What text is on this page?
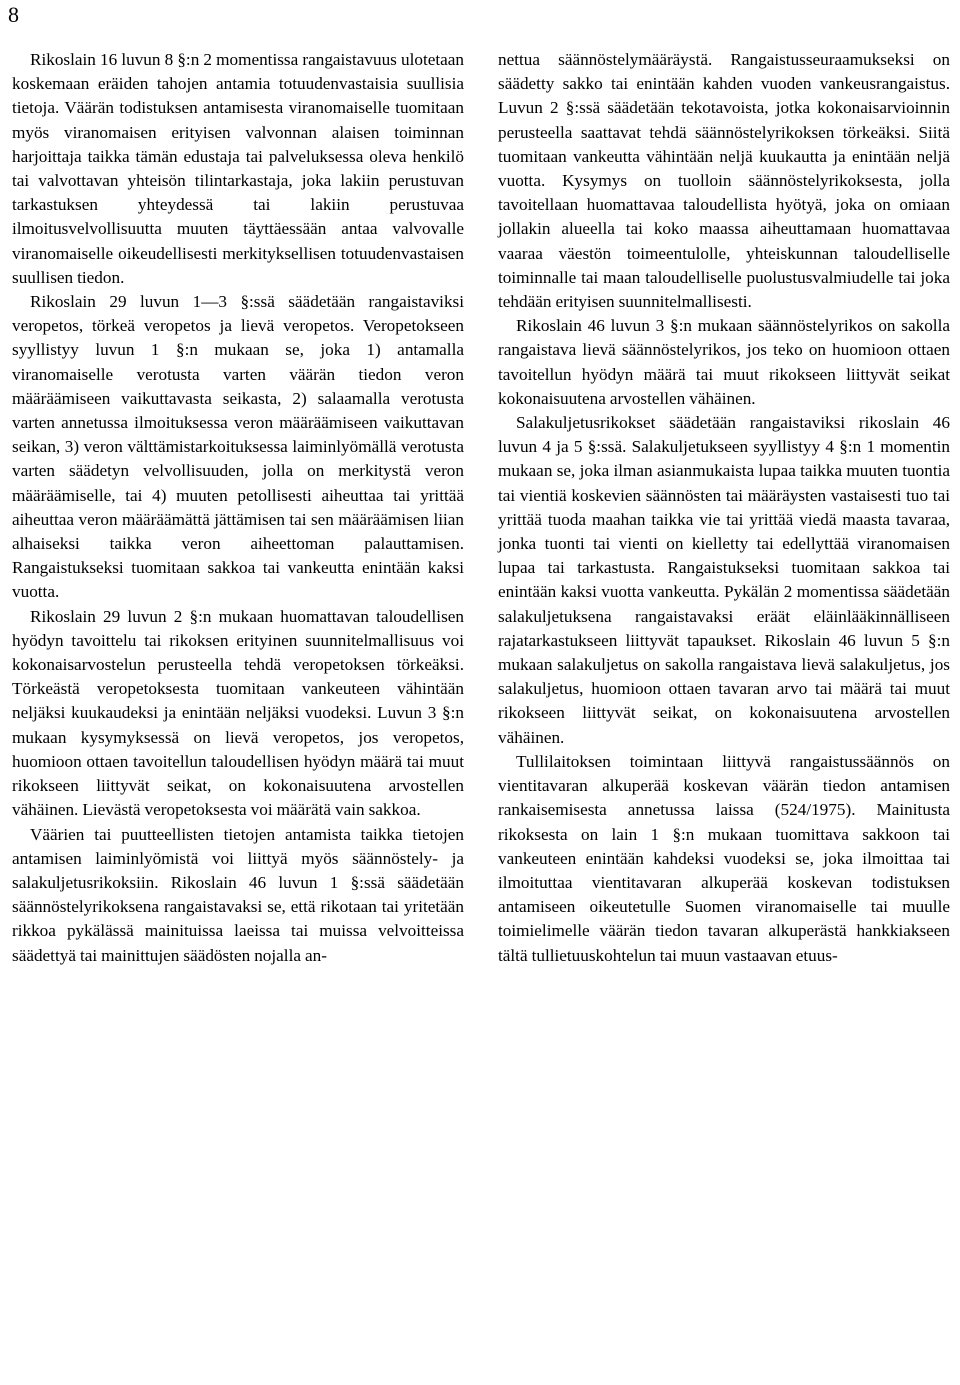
8

Rikoslain 16 luvun 8 §:n 2 momentissa rangaistavuus ulotetaan koskemaan eräiden tahojen antamia totuudenvastaisia suullisia tietoja. Väärän todistuksen antamisesta viranomaiselle tuomitaan myös viranomaisen erityisen valvonnan alaisen toiminnan harjoittaja taikka tämän edustaja tai palveluksessa oleva henkilö tai valvottavan yhteisön tilintarkastaja, joka lakiin perustuvan tarkastuksen yhteydessä tai lakiin perustuvaa ilmoitusvelvollisuutta muuten täyttäessään antaa valvovalle viranomaiselle oikeudellisesti merkityksellisen totuudenvastaisen suullisen tiedon.

Rikoslain 29 luvun 1—3 §:ssä säädetään rangaistaviksi veropetos, törkeä veropetos ja lievä veropetos. Veropetokseen syyllistyy luvun 1 §:n mukaan se, joka 1) antamalla viranomaiselle verotusta varten väärän tiedon veron määräämiseen vaikuttavasta seikasta, 2) salaamalla verotusta varten annetussa ilmoituksessa veron määräämiseen vaikuttavan seikan, 3) veron välttämistarkoituksessa laiminlyömällä verotusta varten säädetyn velvollisuuden, jolla on merkitystä veron määräämiselle, tai 4) muuten petollisesti aiheuttaa tai yrittää aiheuttaa veron määräämättä jättämisen tai sen määräämisen liian alhaiseksi taikka veron aiheettoman palauttamisen. Rangaistukseksi tuomitaan sakkoa tai vankeutta enintään kaksi vuotta.

Rikoslain 29 luvun 2 §:n mukaan huomattavan taloudellisen hyödyn tavoittelu tai rikoksen erityinen suunnitelmallisuus voi kokonaisarvostelun perusteella tehdä veropetoksen törkeäksi. Törkeästä veropetoksesta tuomitaan vankeuteen vähintään neljäksi kuukaudeksi ja enintään neljäksi vuodeksi. Luvun 3 §:n mukaan kysymyksessä on lievä veropetos, jos veropetos, huomioon ottaen tavoitellun taloudellisen hyödyn määrä tai muut rikokseen liittyvät seikat, on kokonaisuutena arvostellen vähäinen. Lievästä veropetoksesta voi määrätä vain sakkoa.

Väärien tai puutteellisten tietojen antamista taikka tietojen antamisen laiminlyömistä voi liittyä myös säännöstely- ja salakuljetusrikoksiin. Rikoslain 46 luvun 1 §:ssä säädetään säännöstelyrikoksena rangaistavaksi se, että rikotaan tai yritetään rikkoa pykälässä mainituissa laeissa tai muissa velvoitteissa säädettyä tai mainittujen säädösten nojalla an-

nettua säännöstelymääräystä. Rangaistusseuraamukseksi on säädetty sakko tai enintään kahden vuoden vankeusrangaistus. Luvun 2 §:ssä säädetään tekotavoista, jotka kokonaisarvioinnin perusteella saattavat tehdä säännöstelyrikoksen törkeäksi. Siitä tuomitaan vankeutta vähintään neljä kuukautta ja enintään neljä vuotta. Kysymys on tuolloin säännöstelyrikoksesta, jolla tavoitellaan huomattavaa taloudellista hyötyä, joka on omiaan jollakin alueella tai koko maassa aiheuttamaan huomattavaa vaaraa väestön toimeentulolle, yhteiskunnan taloudelliselle toiminnalle tai maan taloudelliselle puolustusvalmiudelle tai joka tehdään erityisen suunnitelmallisesti.

Rikoslain 46 luvun 3 §:n mukaan säännöstelyrikos on sakolla rangaistava lievä säännöstelyrikos, jos teko on huomioon ottaen tavoitellun hyödyn määrä tai muut rikokseen liittyvät seikat kokonaisuutena arvostellen vähäinen.

Salakuljetusrikokset säädetään rangaistaviksi rikoslain 46 luvun 4 ja 5 §:ssä. Salakuljetukseen syyllistyy 4 §:n 1 momentin mukaan se, joka ilman asianmukaista lupaa taikka muuten tuontia tai vientiä koskevien säännösten tai määräysten vastaisesti tuo tai yrittää tuoda maahan taikka vie tai yrittää viedä maasta tavaraa, jonka tuonti tai vienti on kielletty tai edellyttää viranomaisen lupaa tai tarkastusta. Rangaistukseksi tuomitaan sakkoa tai enintään kaksi vuotta vankeutta. Pykälän 2 momentissa säädetään salakuljetuksena rangaistavaksi eräät eläinlääkinnälliseen rajatarkastukseen liittyvät tapaukset. Rikoslain 46 luvun 5 §:n mukaan salakuljetus on sakolla rangaistava lievä salakuljetus, jos salakuljetus, huomioon ottaen tavaran arvo tai määrä tai muut rikokseen liittyvät seikat, on kokonaisuutena arvostellen vähäinen.

Tullilaitoksen toimintaan liittyvä rangaistussäännös on vientitavaran alkuperää koskevan väärän tiedon antamisen rankaisemisesta annetussa laissa (524/1975). Mainitusta rikoksesta on lain 1 §:n mukaan tuomittava sakkoon tai vankeuteen enintään kahdeksi vuodeksi se, joka ilmoittaa tai ilmoituttaa vientitavaran alkuperää koskevan todistuksen antamiseen oikeutetulle Suomen viranomaiselle tai muulle toimielimelle väärän tiedon tavaran alkuperästä hankkiakseen tältä tullietuuskohtelun tai muun vastaavan etuus-
